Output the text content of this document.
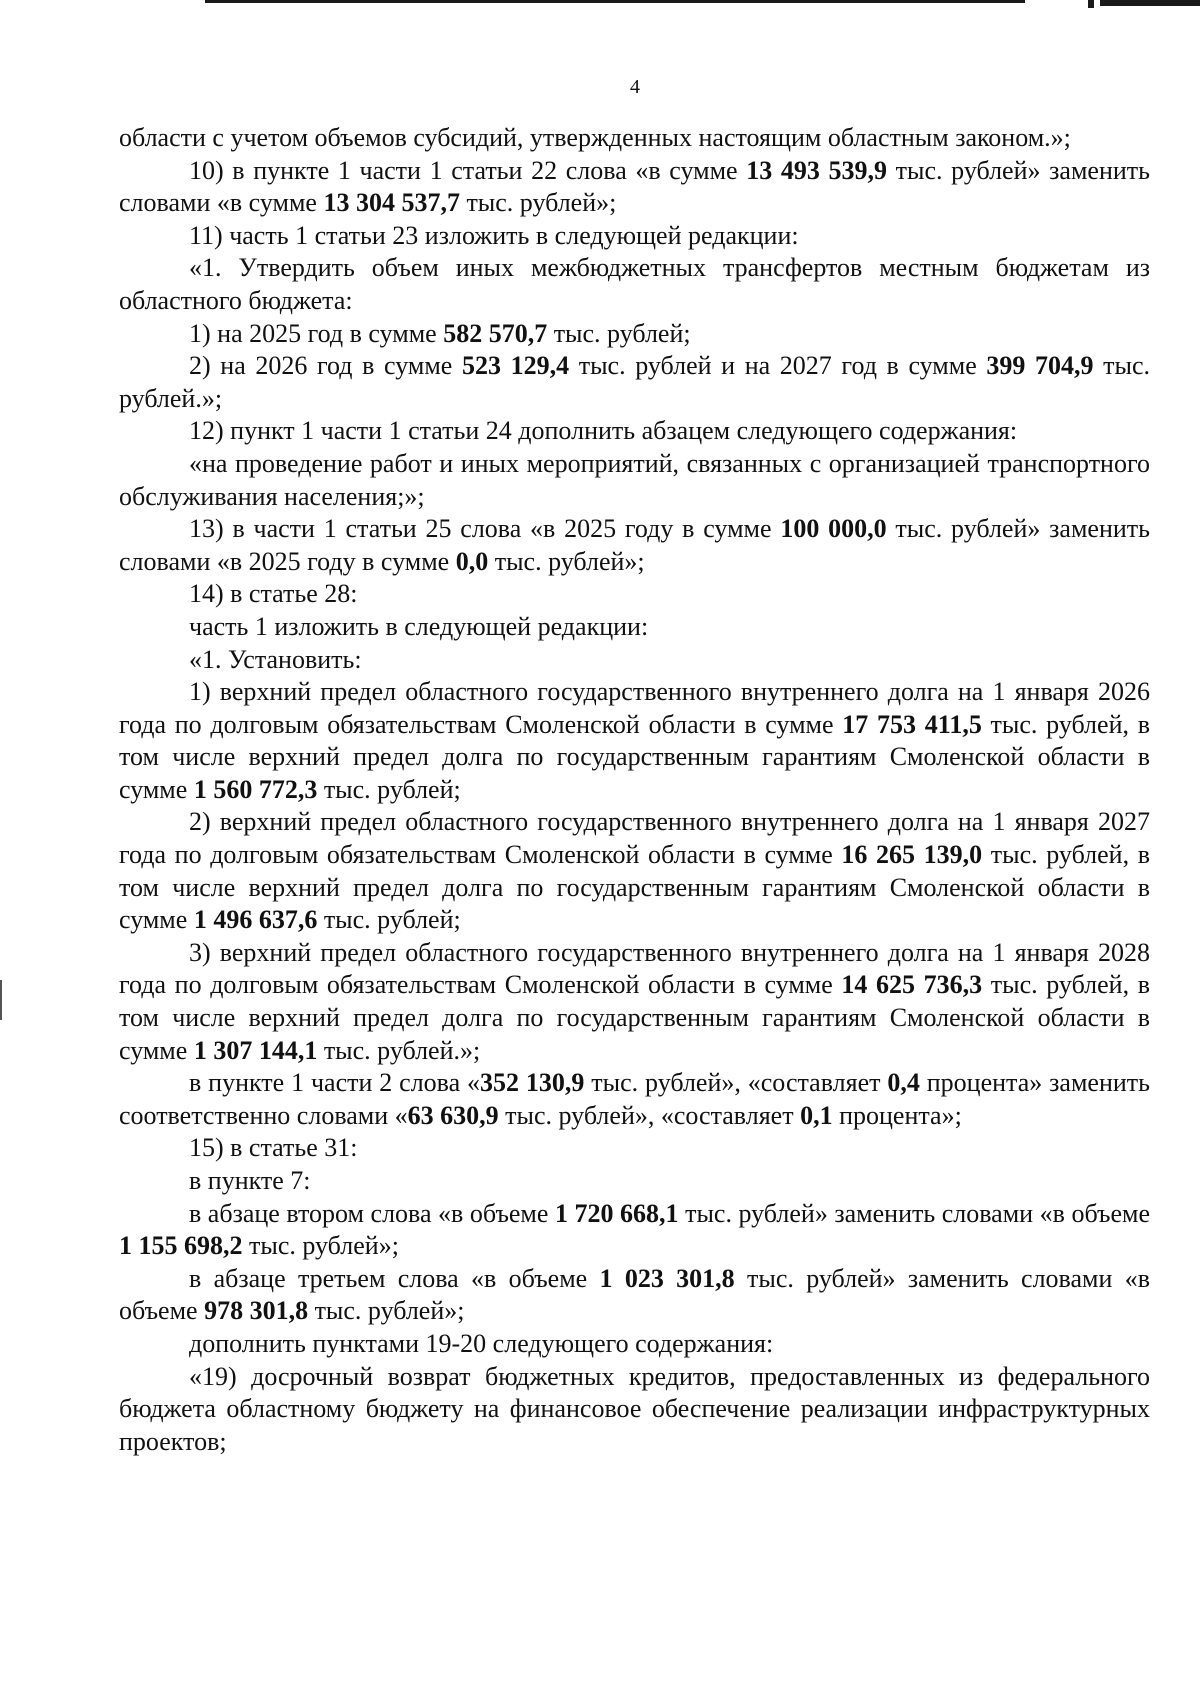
4

области с учетом объемов субсидий, утвержденных настоящим областным законом.»;

10) в пункте 1 части 1 статьи 22 слова «в сумме 13 493 539,9 тыс. рублей» заменить словами «в сумме 13 304 537,7 тыс. рублей»;

11) часть 1 статьи 23 изложить в следующей редакции:

«1. Утвердить объем иных межбюджетных трансфертов местным бюджетам из областного бюджета:

1) на 2025 год в сумме 582 570,7 тыс. рублей;

2) на 2026 год в сумме 523 129,4 тыс. рублей и на 2027 год в сумме 399 704,9 тыс. рублей.»;

12) пункт 1 части 1 статьи 24 дополнить абзацем следующего содержания:

«на проведение работ и иных мероприятий, связанных с организацией транспортного обслуживания населения;»;

13) в части 1 статьи 25 слова «в 2025 году в сумме 100 000,0 тыс. рублей» заменить словами «в 2025 году в сумме 0,0 тыс. рублей»;

14) в статье 28:

часть 1 изложить в следующей редакции:

«1. Установить:

1) верхний предел областного государственного внутреннего долга на 1 января 2026 года по долговым обязательствам Смоленской области в сумме 17 753 411,5 тыс. рублей, в том числе верхний предел долга по государственным гарантиям Смоленской области в сумме 1 560 772,3 тыс. рублей;

2) верхний предел областного государственного внутреннего долга на 1 января 2027 года по долговым обязательствам Смоленской области в сумме 16 265 139,0 тыс. рублей, в том числе верхний предел долга по государственным гарантиям Смоленской области в сумме 1 496 637,6 тыс. рублей;

3) верхний предел областного государственного внутреннего долга на 1 января 2028 года по долговым обязательствам Смоленской области в сумме 14 625 736,3 тыс. рублей, в том числе верхний предел долга по государственным гарантиям Смоленской области в сумме 1 307 144,1 тыс. рублей.»;

в пункте 1 части 2 слова «352 130,9 тыс. рублей», «составляет 0,4 процента» заменить соответственно словами «63 630,9 тыс. рублей», «составляет 0,1 процента»;

15) в статье 31:

в пункте 7:

в абзаце втором слова «в объеме 1 720 668,1 тыс. рублей» заменить словами «в объеме 1 155 698,2 тыс. рублей»;

в абзаце третьем слова «в объеме 1 023 301,8 тыс. рублей» заменить словами «в объеме 978 301,8 тыс. рублей»;

дополнить пунктами 19-20 следующего содержания:

«19) досрочный возврат бюджетных кредитов, предоставленных из федерального бюджета областному бюджету на финансовое обеспечение реализации инфраструктурных проектов;
